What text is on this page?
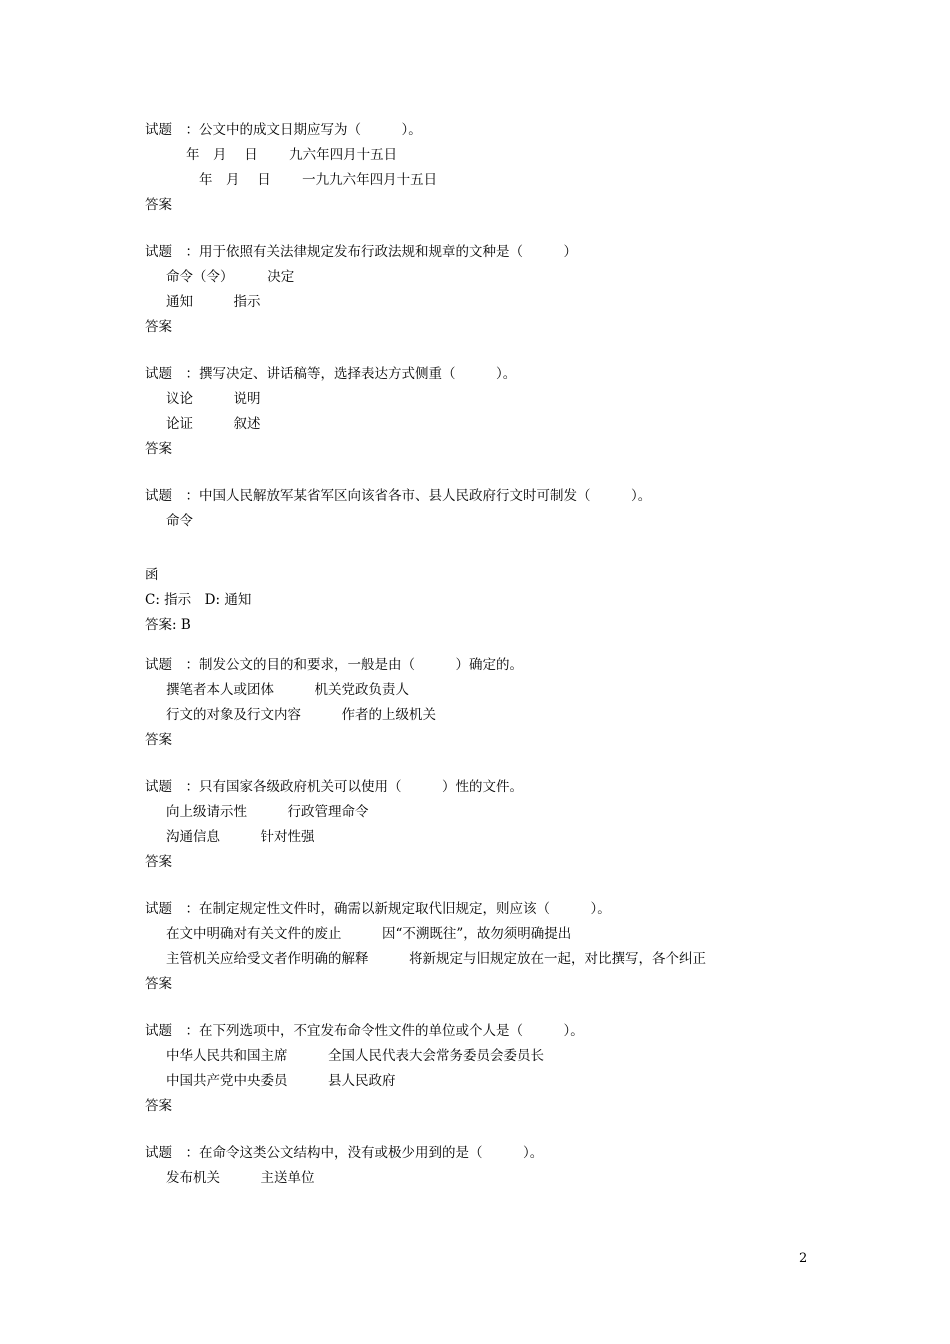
试题　：公文中的成文日期应写为（　　　）。
年　月　 日　　 九六年四月十五日
年　月　 日　　 一九九六年四月十五日
答案
试题　：用于依照有关法律规定发布行政法规和规章的文种是（　　　）
命令（令）　　　决定
通知　　　指示
答案
试题　：撰写决定、讲话稿等，选择表达方式侧重（　　　）。
议论　　　说明
论证　　　叙述
答案
试题　：中国人民解放军某省军区向该省各市、县人民政府行文时可制发（　　　）。
命令
函
C: 指示　D: 通知
答案: B
试题　：制发公文的目的和要求，一般是由（　　　）确定的。
撰笔者本人或团体　　　机关党政负责人
行文的对象及行文内容　　　作者的上级机关
答案
试题　：只有国家各级政府机关可以使用（　　　）性的文件。
向上级请示性　　　行政管理命令
沟通信息　　　针对性强
答案
试题　：在制定规定性文件时，确需以新规定取代旧规定，则应该（　　　）。
在文中明确对有关文件的废止　　　因“不溯既往”，故勿须明确提出
主管机关应给受文者作明确的解释　　　将新规定与旧规定放在一起，对比撰写，各个纠正
答案
试题　：在下列选项中，不宜发布命令性文件的单位或个人是（　　　）。
中华人民共和国主席　　　全国人民代表大会常务委员会委员长
中国共产党中央委员　　　县人民政府
答案
试题　：在命令这类公文结构中，没有或极少用到的是（　　　）。
发布机关　　　主送单位
2
